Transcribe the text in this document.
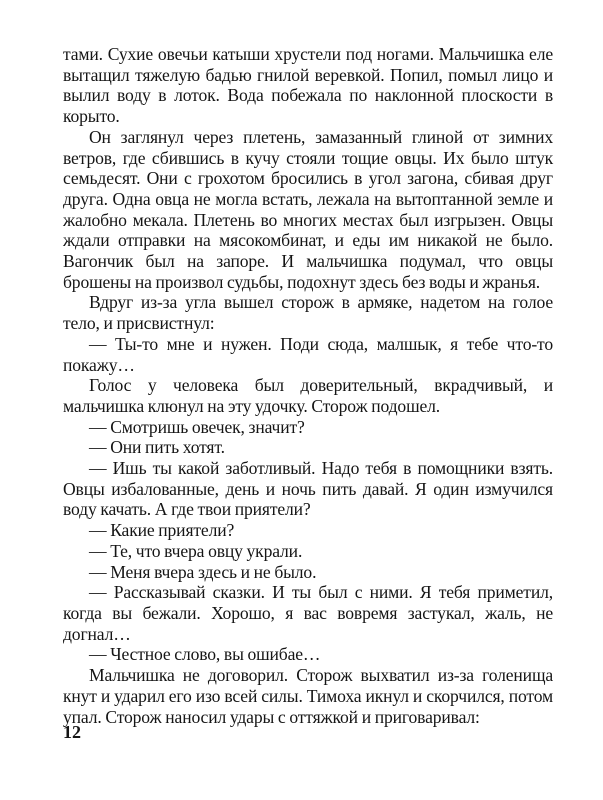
тами. Сухие овечьи катыши хрустели под ногами. Мальчишка еле вытащил тяжелую бадью гнилой веревкой. Попил, помыл лицо и вылил воду в лоток. Вода побежала по наклонной плоскости в корыто.

Он заглянул через плетень, замазанный глиной от зимних ветров, где сбившись в кучу стояли тощие овцы. Их было штук семьдесят. Они с грохотом бросились в угол загона, сбивая друг друга. Одна овца не могла встать, лежала на вытоптанной земле и жалобно мекала. Плетень во многих местах был изгрызен. Овцы ждали отправки на мясокомбинат, и еды им никакой не было. Вагончик был на запоре. И мальчишка подумал, что овцы брошены на произвол судьбы, подохнут здесь без воды и жранья.

Вдруг из-за угла вышел сторож в армяке, надетом на голое тело, и присвистнул:

— Ты-то мне и нужен. Поди сюда, малшык, я тебе что-то покажу…

Голос у человека был доверительный, вкрадчивый, и мальчишка клюнул на эту удочку. Сторож подошел.

— Смотришь овечек, значит?

— Они пить хотят.

— Ишь ты какой заботливый. Надо тебя в помощники взять. Овцы избалованные, день и ночь пить давай. Я один измучился воду качать. А где твои приятели?

— Какие приятели?

— Те, что вчера овцу украли.

— Меня вчера здесь и не было.

— Рассказывай сказки. И ты был с ними. Я тебя приметил, когда вы бежали. Хорошо, я вас вовремя застукал, жаль, не догнал…

— Честное слово, вы ошибае…

Мальчишка не договорил. Сторож выхватил из-за голенища кнут и ударил его изо всей силы. Тимоха икнул и скорчился, потом упал. Сторож наносил удары с оттяжкой и приговаривал:

12
